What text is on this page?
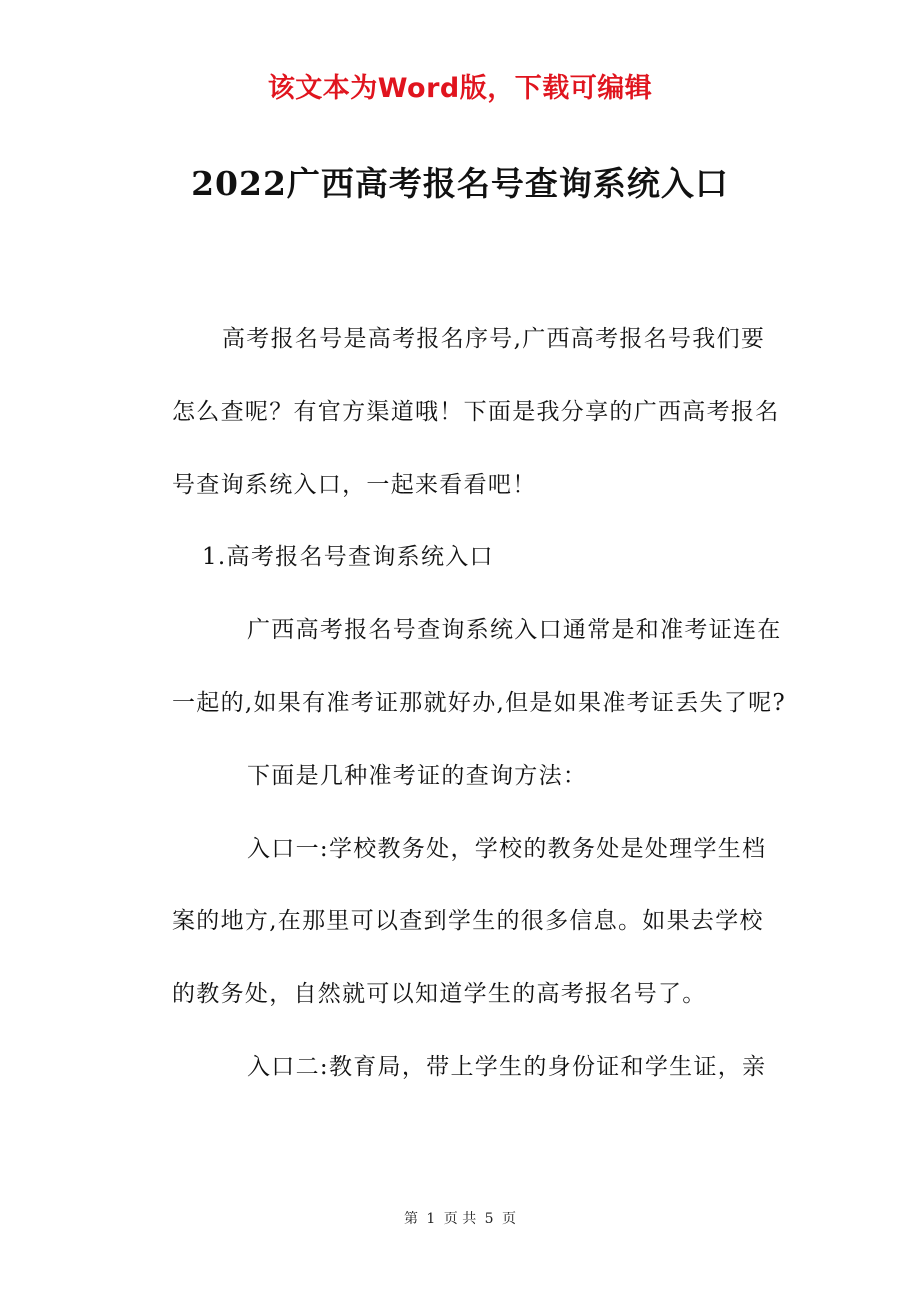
该文本为Word版，下载可编辑
2022广西高考报名号查询系统入口

高考报名号是高考报名序号,广西高考报名号我们要怎么查呢？有官方渠道哦！下面是我分享的广西高考报名号查询系统入口，一起来看看吧！

1.高考报名号查询系统入口

广西高考报名号查询系统入口通常是和准考证连在一起的,如果有准考证那就好办,但是如果准考证丢失了呢?

下面是几种准考证的查询方法：

入口一:学校教务处，学校的教务处是处理学生档案的地方,在那里可以查到学生的很多信息。如果去学校的教务处，自然就可以知道学生的高考报名号了。

入口二:教育局，带上学生的身份证和学生证，亲

第 1 页 共 5 页
